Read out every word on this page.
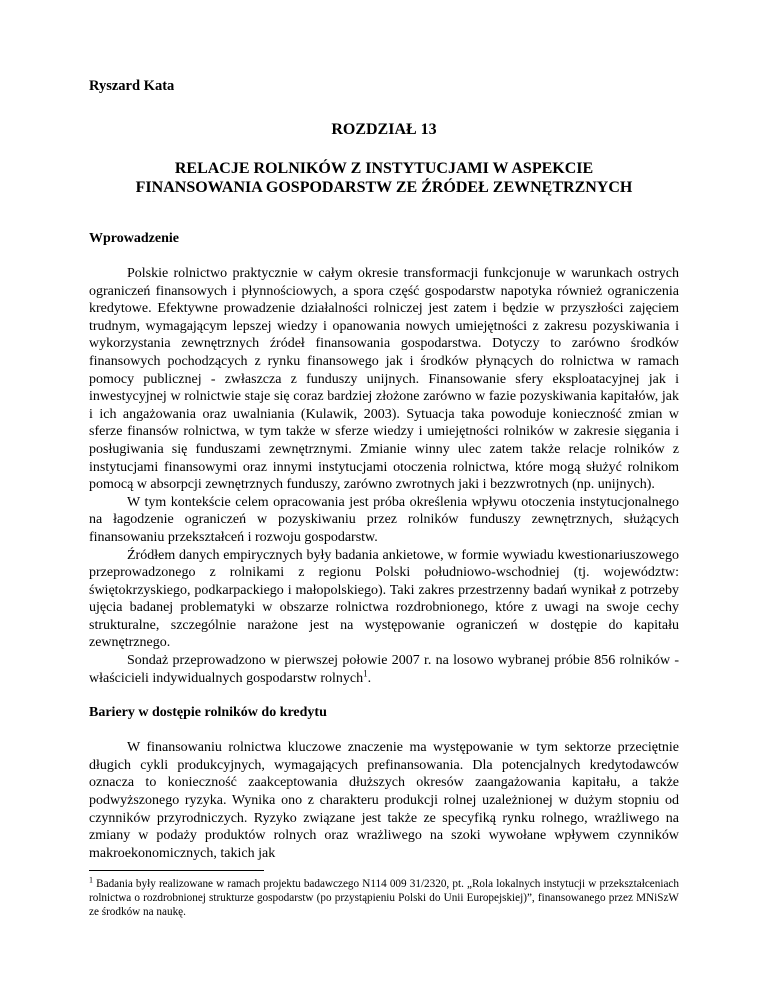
Ryszard Kata
ROZDZIAŁ 13
RELACJE ROLNIKÓW Z INSTYTUCJAMI W ASPEKCIE
FINANSOWANIA GOSPODARSTW ZE ŹRÓDEŁ ZEWNĘTRZNYCH
Wprowadzenie

Polskie rolnictwo praktycznie w całym okresie transformacji funkcjonuje w warunkach ostrych ograniczeń finansowych i płynnościowych, a spora część gospodarstw napotyka również ograniczenia kredytowe. Efektywne prowadzenie działalności rolniczej jest zatem i będzie w przyszłości zajęciem trudnym, wymagającym lepszej wiedzy i opanowania nowych umiejętności z zakresu pozyskiwania i wykorzystania zewnętrznych źródeł finansowania gospodarstwa. Dotyczy to zarówno środków finansowych pochodzących z rynku finansowego jak i środków płynących do rolnictwa w ramach pomocy publicznej - zwłaszcza z funduszy unijnych. Finansowanie sfery eksploatacyjnej jak i inwestycyjnej w rolnictwie staje się coraz bardziej złożone zarówno w fazie pozyskiwania kapitałów, jak i ich angażowania oraz uwalniania (Kulawik, 2003). Sytuacja taka powoduje konieczność zmian w sferze finansów rolnictwa, w tym także w sferze wiedzy i umiejętności rolników w zakresie sięgania i posługiwania się funduszami zewnętrznymi. Zmianie winny ulec zatem także relacje rolników z instytucjami finansowymi oraz innymi instytucjami otoczenia rolnictwa, które mogą służyć rolnikom pomocą w absorpcji zewnętrznych funduszy, zarówno zwrotnych jaki i bezzwrotnych (np. unijnych).

W tym kontekście celem opracowania jest próba określenia wpływu otoczenia instytucjonalnego na łagodzenie ograniczeń w pozyskiwaniu przez rolników funduszy zewnętrznych, służących finansowaniu przekształceń i rozwoju gospodarstw.

Źródłem danych empirycznych były badania ankietowe, w formie wywiadu kwestionariuszowego przeprowadzonego z rolnikami z regionu Polski południowo-wschodniej (tj. województw: świętokrzyskiego, podkarpackiego i małopolskiego). Taki zakres przestrzenny badań wynikał z potrzeby ujęcia badanej problematyki w obszarze rolnictwa rozdrobnionego, które z uwagi na swoje cechy strukturalne, szczególnie narażone jest na występowanie ograniczeń w dostępie do kapitału zewnętrznego.

Sondaż przeprowadzono w pierwszej połowie 2007 r. na losowo wybranej próbie 856 rolników - właścicieli indywidualnych gospodarstw rolnych$^1$.

Bariery w dostępie rolników do kredytu

W finansowaniu rolnictwa kluczowe znaczenie ma występowanie w tym sektorze przeciętnie długich cykli produkcyjnych, wymagających prefinansowania. Dla potencjalnych kredytodawców oznacza to konieczność zaakceptowania dłuższych okresów zaangażowania kapitału, a także podwyższonego ryzyka. Wynika ono z charakteru produkcji rolnej uzależnionej w dużym stopniu od czynników przyrodniczych. Ryzyko związane jest także ze specyfiką rynku rolnego, wrażliwego na zmiany w podaży produktów rolnych oraz wrażliwego na szoki wywołane wpływem czynników makroekonomicznych, takich jak

$^1$ Badania były realizowane w ramach projektu badawczego N114 009 31/2320, pt. „Rola lokalnych instytucji w przekształceniach rolnictwa o rozdrobnionej strukturze gospodarstw (po przystąpieniu Polski do Unii Europejskiej)”, finansowanego przez MNiSzW ze środków na naukę.
